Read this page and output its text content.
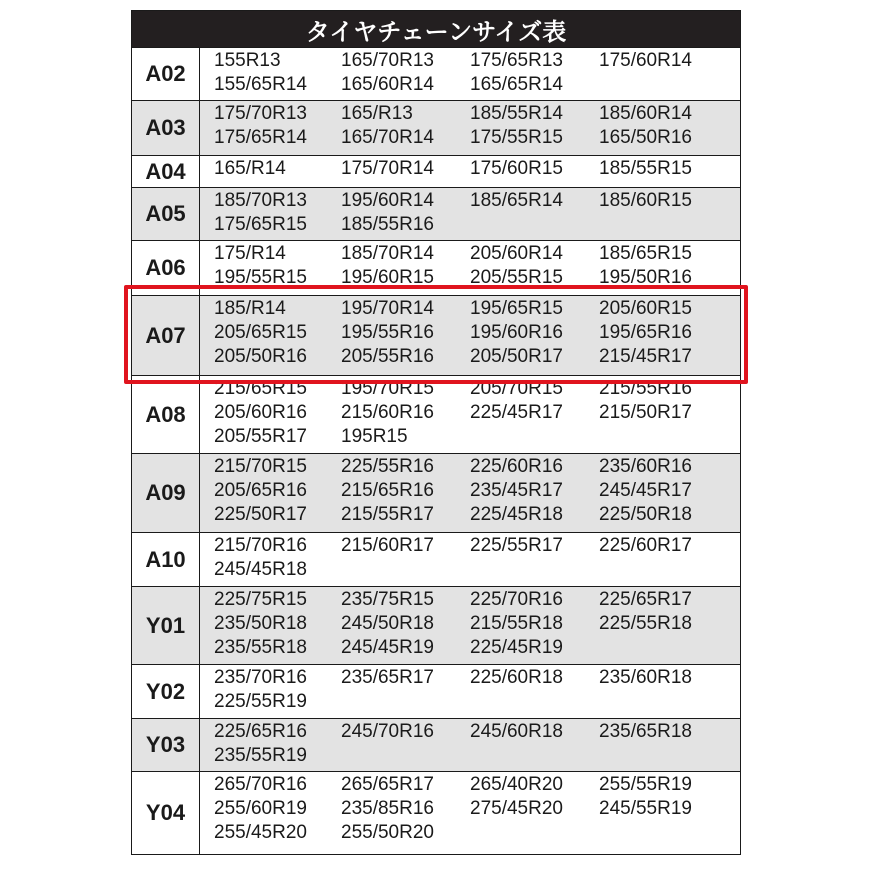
タイヤチェーンサイズ表
A02
155R13	165/70R13	175/65R13	175/60R14
155/65R14	165/60R14	165/65R14
A03
175/70R13	165/R13	185/55R14	185/60R14
175/65R14	165/70R14	175/55R15	165/50R16
A04	165/R14	175/70R14	175/60R15	185/55R15
A05
185/70R13	195/60R14	185/65R14	185/60R15
175/65R15	185/55R16
A06
175/R14	185/70R14	205/60R14	185/65R15
195/55R15	195/60R15	205/55R15	195/50R16
A07
185/R14	195/70R14	195/65R15	205/60R15
205/65R15	195/55R16	195/60R16	195/65R16
205/50R16	205/55R16	205/50R17	215/45R17
A08
215/65R15	195/70R15	205/70R15	215/55R16
205/60R16	215/60R16	225/45R17	215/50R17
205/55R17	195R15
A09
215/70R15	225/55R16	225/60R16	235/60R16
205/65R16	215/65R16	235/45R17	245/45R17
225/50R17	215/55R17	225/45R18	225/50R18
A10
215/70R16	215/60R17	225/55R17	225/60R17
245/45R18
Y01
225/75R15	235/75R15	225/70R16	225/65R17
235/50R18	245/50R18	215/55R18	225/55R18
235/55R18	245/45R19	225/45R19
Y02
235/70R16	235/65R17	225/60R18	235/60R18
225/55R19
Y03
225/65R16	245/70R16	245/60R18	235/65R18
235/55R19
Y04
265/70R16	265/65R17	265/40R20	255/55R19
255/60R19	235/85R16	275/45R20	245/55R19
255/45R20	255/50R20
